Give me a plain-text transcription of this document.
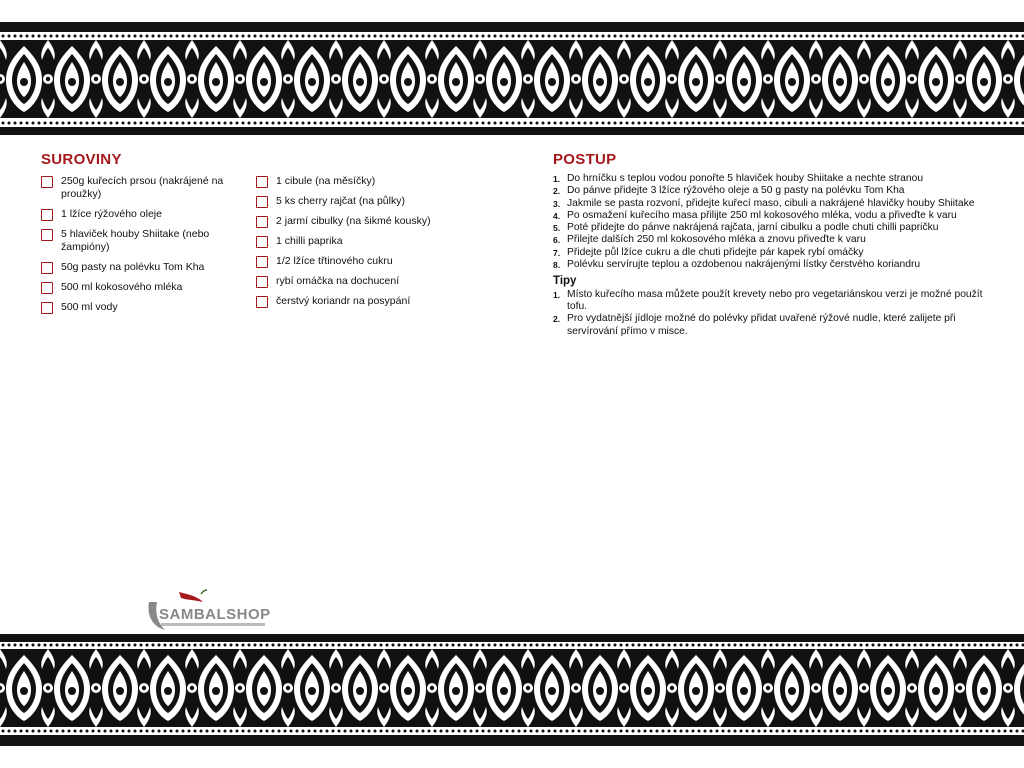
SUROVINY
250g kuřecích prsou (nakrájené na proužky)
1 lžíce rýžového oleje
5 hlaviček houby Shiitake (nebo žampióny)
50g pasty na polévku Tom Kha
500 ml kokosového mléka
500 ml vody
1 cibule (na měsíčky)
5 ks cherry rajčat (na půlky)
2 jarmí cibulky (na šikmé kousky)
1 chilli paprika
1/2 lžíce třtinového cukru
rybí omáčka na dochucení
čerstvý koriandr na posypání
POSTUP
1. Do hrníčku s teplou vodou ponořte 5 hlaviček houby Shiitake a nechte stranou
2. Do pánve přidejte 3 lžíce rýžového oleje a 50 g pasty na polévku Tom Kha
3. Jakmile se pasta rozvoní, přidejte kuřecí maso, cibuli a nakrájené hlavičky houby Shiitake
4. Po osmažení kuřecího masa přilijte 250 ml kokosového mléka, vodu a přiveďte k varu
5. Poté přidejte do pánve nakrájená rajčata, jarní cibulku a podle chuti chilli papričku
6. Přilejte dalších 250 ml kokosového mléka a znovu přiveďte k varu
7. Přidejte půl lžíce cukru a dle chuti přidejte pár kapek rybí omáčky
8. Polévku servírujte teplou a ozdobenou nakrájenými lístky čerstvého koriandru
Tipy
1. Místo kuřecího masa můžete použít krevety nebo pro vegetariánskou verzi je možné použít tofu.
2. Pro vydatnější jídloje možné do polévky přidat uvařené rýžové nudle, které zalijete při servírování přímo v misce.
SAMBALSHOP
